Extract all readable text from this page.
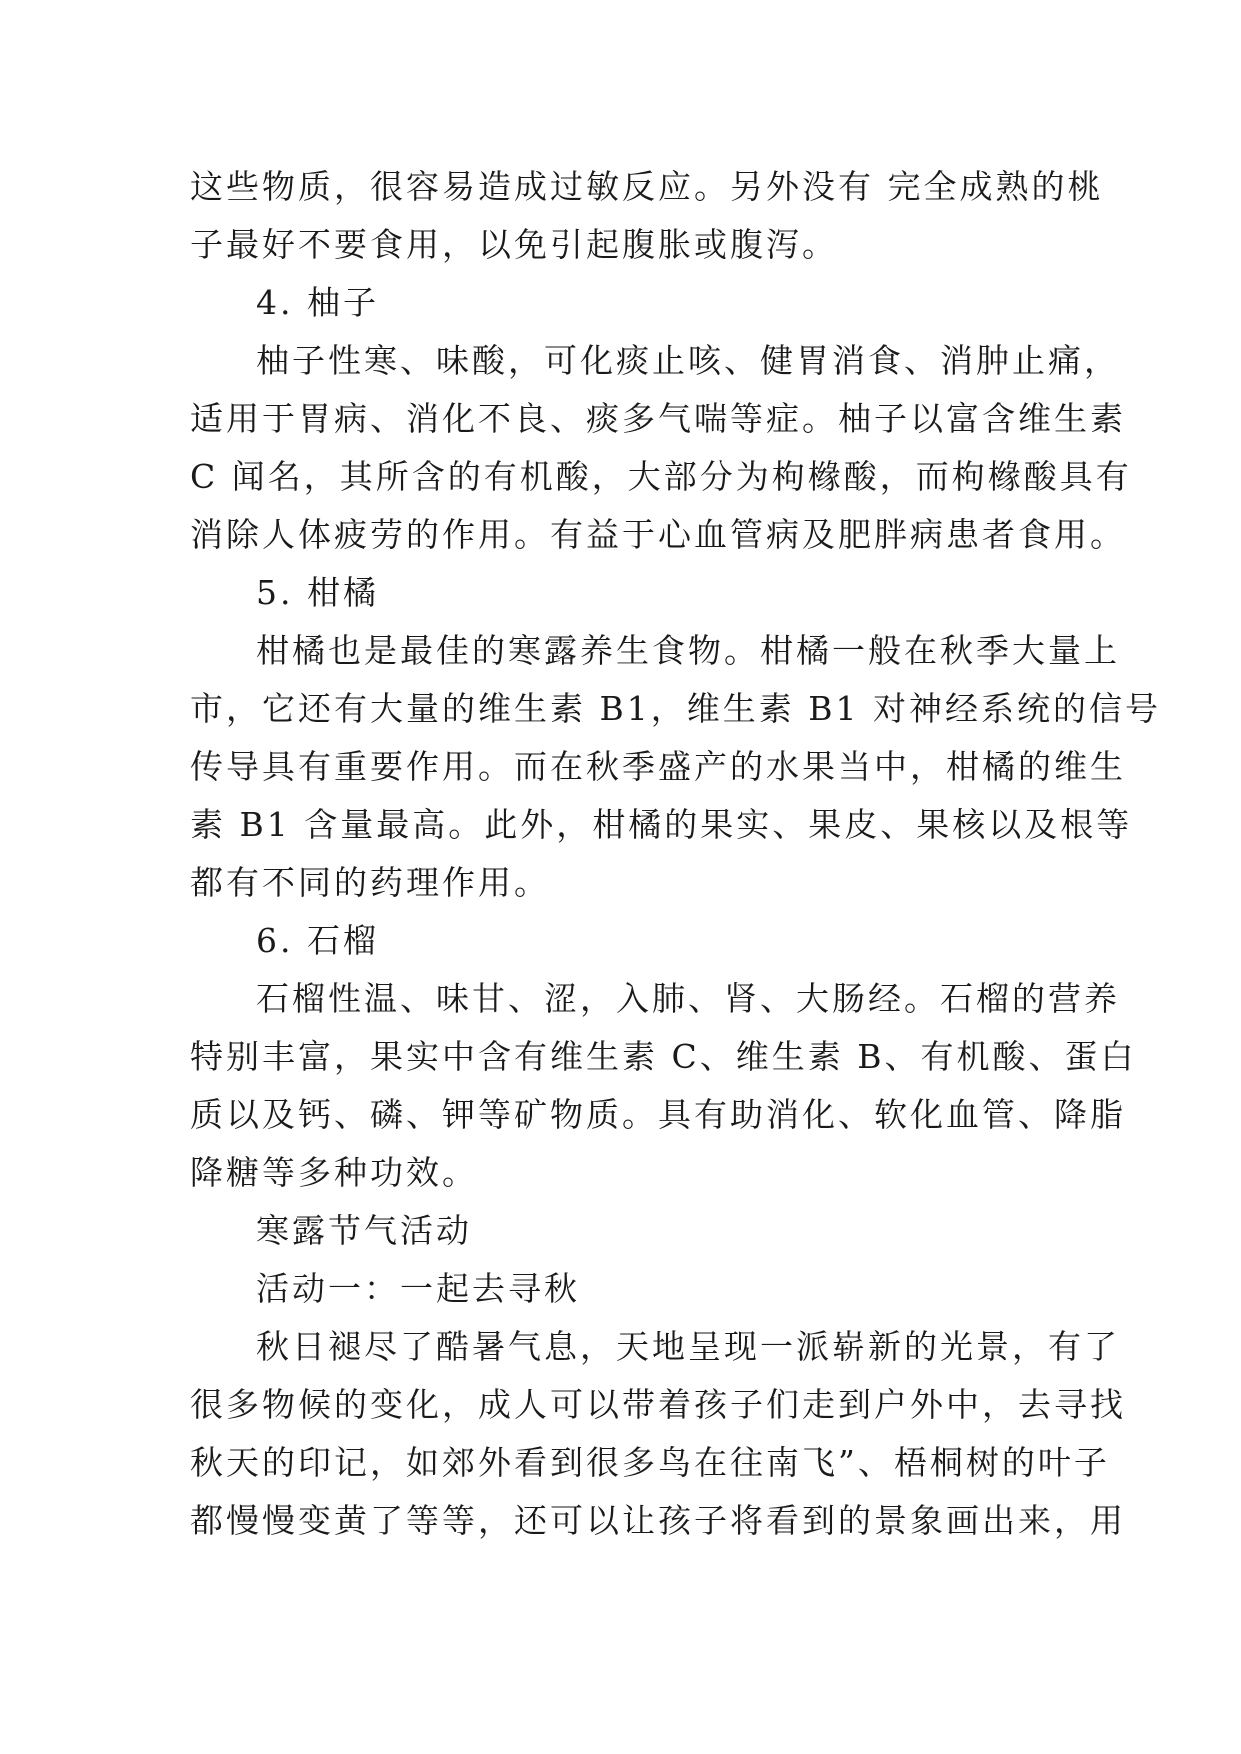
这些物质，很容易造成过敏反应。另外没有 完全成熟的桃
子最好不要食用，以免引起腹胀或腹泻。
4. 柚子
柚子性寒、味酸，可化痰止咳、健胃消食、消肿止痛，
适用于胃病、消化不良、痰多气喘等症。柚子以富含维生素
C 闻名，其所含的有机酸，大部分为枸橼酸，而枸橼酸具有
消除人体疲劳的作用。有益于心血管病及肥胖病患者食用。
5. 柑橘
柑橘也是最佳的寒露养生食物。柑橘一般在秋季大量上
市，它还有大量的维生素 B1，维生素 B1 对神经系统的信号
传导具有重要作用。而在秋季盛产的水果当中，柑橘的维生
素 B1 含量最高。此外，柑橘的果实、果皮、果核以及根等
都有不同的药理作用。
6. 石榴
石榴性温、味甘、涩，入肺、肾、大肠经。石榴的营养
特别丰富，果实中含有维生素 C、维生素 B、有机酸、蛋白
质以及钙、磷、钾等矿物质。具有助消化、软化血管、降脂
降糖等多种功效。
寒露节气活动
活动一：一起去寻秋
秋日褪尽了酷暑气息，天地呈现一派崭新的光景，有了
很多物候的变化，成人可以带着孩子们走到户外中，去寻找
秋天的印记，如郊外看到很多鸟在往南飞”、梧桐树的叶子
都慢慢变黄了等等，还可以让孩子将看到的景象画出来，用
